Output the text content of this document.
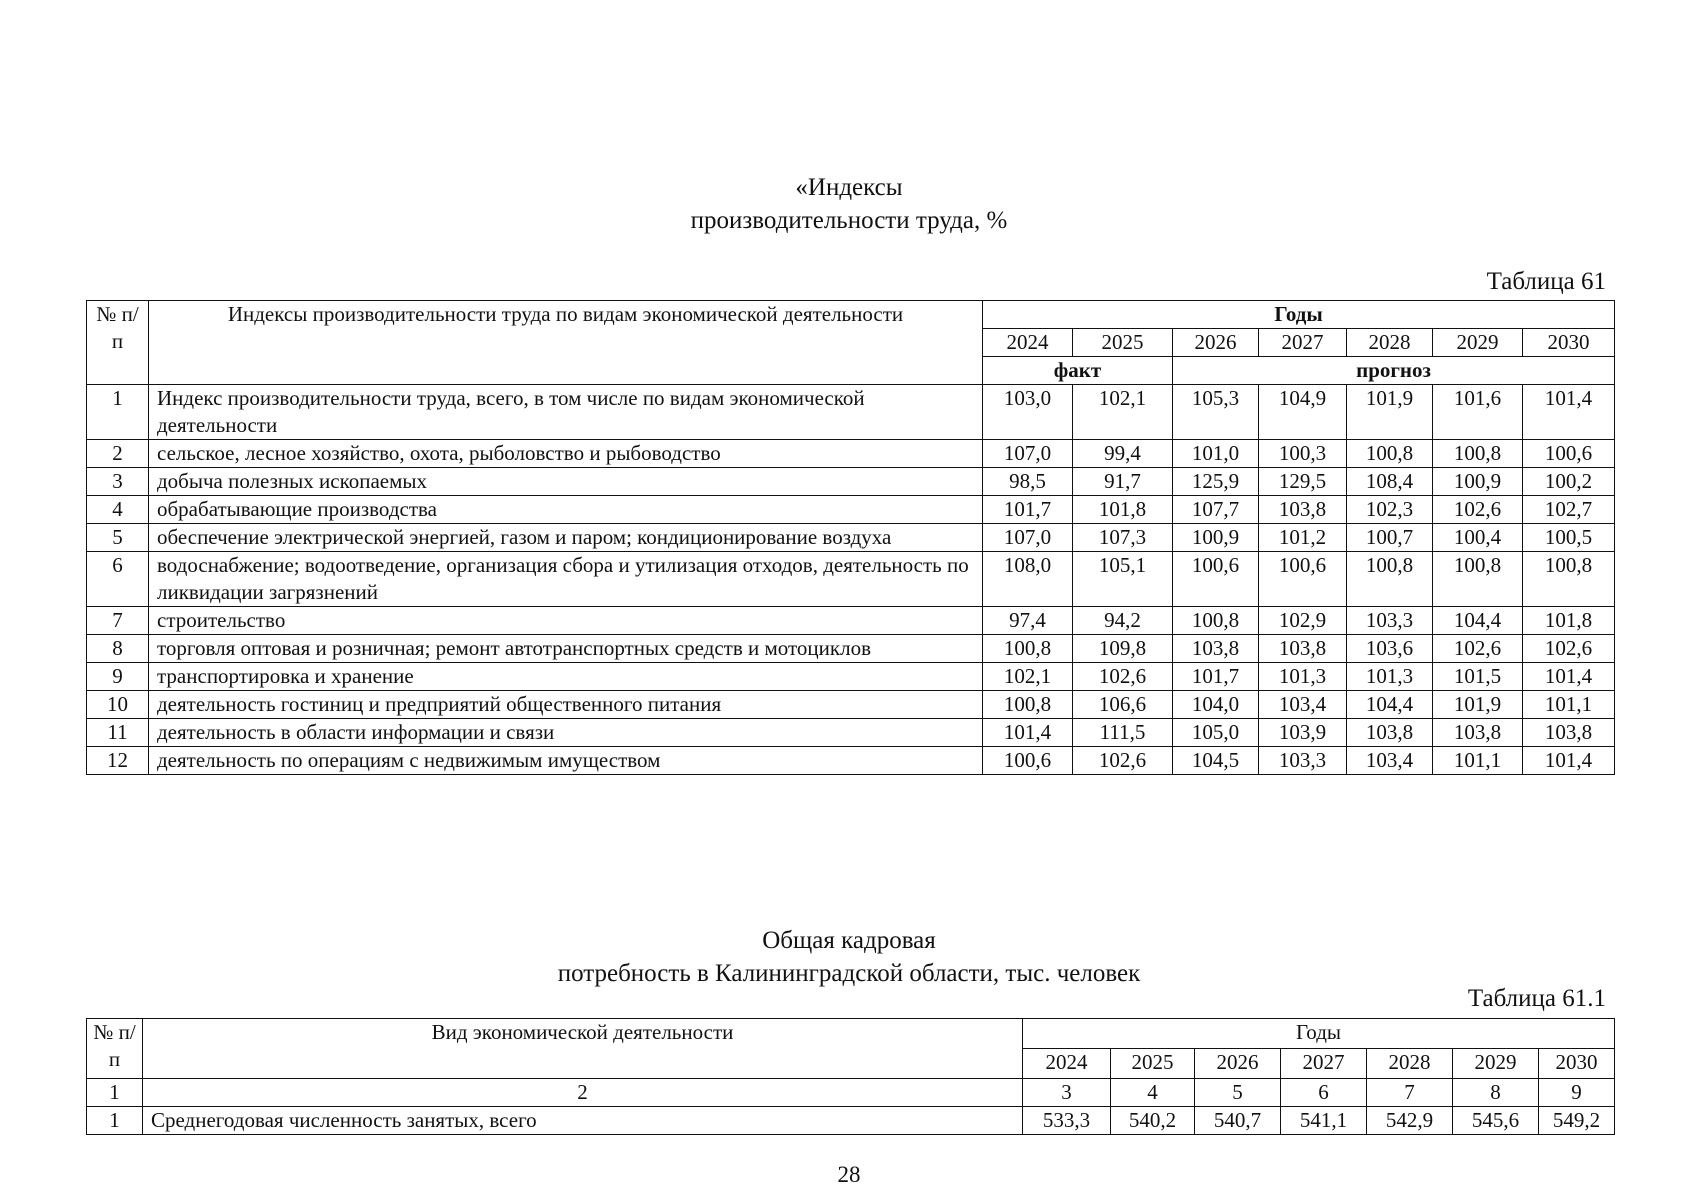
«Индексы
производительности труда, %
Таблица 61
№ п/п	Индексы производительности труда по видам экономической деятельности	Годы						
		2024	2025	2026	2027	2028	2029	2030
		факт		прогноз				
1	Индекс производительности труда, всего, в том числе по видам экономической деятельности	103,0	102,1	105,3	104,9	101,9	101,6	101,4
2	сельское, лесное хозяйство, охота, рыболовство и рыбоводство	107,0	99,4	101,0	100,3	100,8	100,8	100,6
3	добыча полезных ископаемых	98,5	91,7	125,9	129,5	108,4	100,9	100,2
4	обрабатывающие производства	101,7	101,8	107,7	103,8	102,3	102,6	102,7
5	обеспечение электрической энергией, газом и паром; кондиционирование воздуха	107,0	107,3	100,9	101,2	100,7	100,4	100,5
6	водоснабжение; водоотведение, организация сбора и утилизация отходов, деятельность по ликвидации загрязнений	108,0	105,1	100,6	100,6	100,8	100,8	100,8
7	строительство	97,4	94,2	100,8	102,9	103,3	104,4	101,8
8	торговля оптовая и розничная; ремонт автотранспортных средств и мотоциклов	100,8	109,8	103,8	103,8	103,6	102,6	102,6
9	транспортировка и хранение	102,1	102,6	101,7	101,3	101,3	101,5	101,4
10	деятельность гостиниц и предприятий общественного питания	100,8	106,6	104,0	103,4	104,4	101,9	101,1
11	деятельность в области информации и связи	101,4	111,5	105,0	103,9	103,8	103,8	103,8
12	деятельность по операциям с недвижимым имуществом	100,6	102,6	104,5	103,3	103,4	101,1	101,4
Общая кадровая
потребность в Калининградской области, тыс. человек
Таблица 61.1
№ п/п	Вид экономической деятельности	Годы						
		2024	2025	2026	2027	2028	2029	2030
1	2	3	4	5	6	7	8	9
1	Среднегодовая численность занятых, всего	533,3	540,2	540,7	541,1	542,9	545,6	549,2
28
